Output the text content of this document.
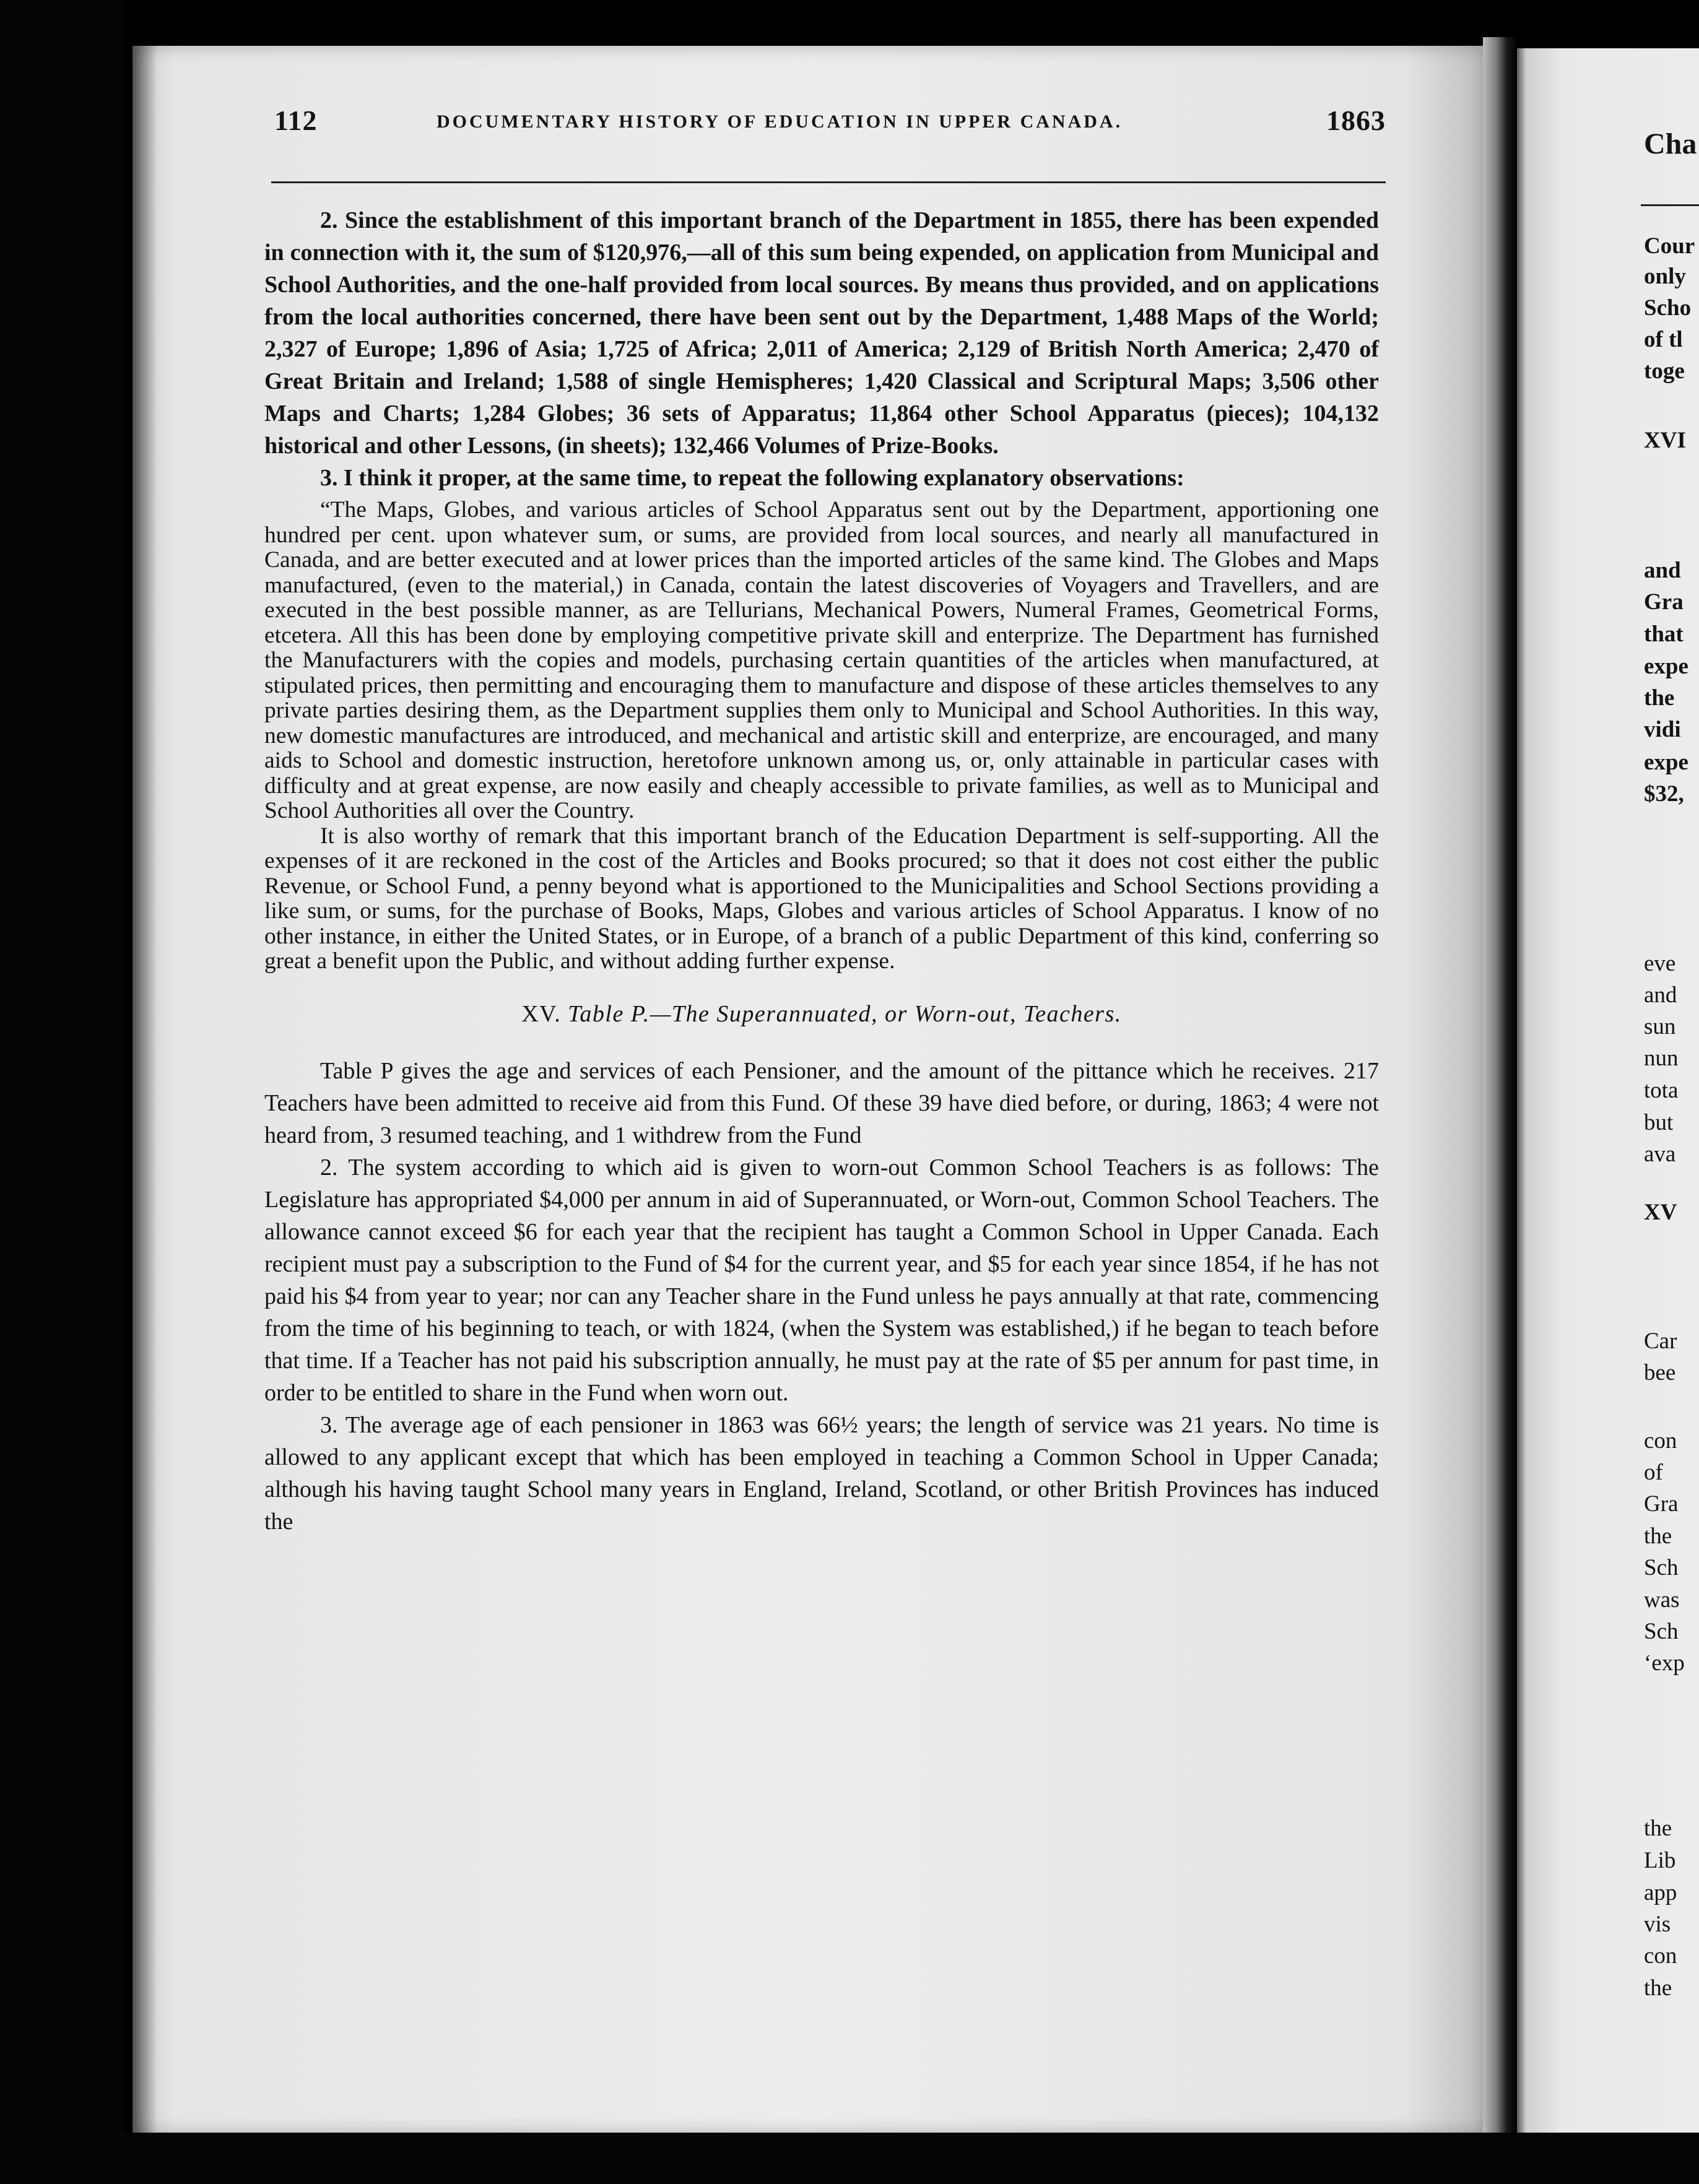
112	DOCUMENTARY HISTORY OF EDUCATION IN UPPER CANADA.	1863

2. Since the establishment of this important branch of the Department in 1855, there has been expended in connection with it, the sum of $120,976,—all of this sum being expended, on application from Municipal and School Authorities, and the one-half provided from local sources. By means thus provided, and on applications from the local authorities concerned, there have been sent out by the Department, 1,488 Maps of the World; 2,327 of Europe; 1,896 of Asia; 1,725 of Africa; 2,011 of America; 2,129 of British North America; 2,470 of Great Britain and Ireland; 1,588 of single Hemispheres; 1,420 Classical and Scriptural Maps; 3,506 other Maps and Charts; 1,284 Globes; 36 sets of Apparatus; 11,864 other School Apparatus (pieces); 104,132 historical and other Lessons, (in sheets); 132,466 Volumes of Prize-Books.

3. I think it proper, at the same time, to repeat the following explanatory observations:

“The Maps, Globes, and various articles of School Apparatus sent out by the Department, apportioning one hundred per cent. upon whatever sum, or sums, are provided from local sources, and nearly all manufactured in Canada, and are better executed and at lower prices than the imported articles of the same kind. The Globes and Maps manufactured, (even to the material,) in Canada, contain the latest discoveries of Voyagers and Travellers, and are executed in the best possible manner, as are Tellurians, Mechanical Powers, Numeral Frames, Geometrical Forms, etcetera. All this has been done by employing competitive private skill and enterprize. The Department has furnished the Manufacturers with the copies and models, purchasing certain quantities of the articles when manufactured, at stipulated prices, then permitting and encouraging them to manufacture and dispose of these articles themselves to any private parties desiring them, as the Department supplies them only to Municipal and School Authorities. In this way, new domestic manufactures are introduced, and mechanical and artistic skill and enterprize, are encouraged, and many aids to School and domestic instruction, heretofore unknown among us, or, only attainable in particular cases with difficulty and at great expense, are now easily and cheaply accessible to private families, as well as to Municipal and School Authorities all over the Country.

It is also worthy of remark that this important branch of the Education Department is self-supporting. All the expenses of it are reckoned in the cost of the Articles and Books procured; so that it does not cost either the public Revenue, or School Fund, a penny beyond what is apportioned to the Municipalities and School Sections providing a like sum, or sums, for the purchase of Books, Maps, Globes and various articles of School Apparatus. I know of no other instance, in either the United States, or in Europe, of a branch of a public Department of this kind, conferring so great a benefit upon the Public, and without adding further expense.

XV. Table P.—The Superannuated, or Worn-out, Teachers.

Table P gives the age and services of each Pensioner, and the amount of the pittance which he receives. 217 Teachers have been admitted to receive aid from this Fund. Of these 39 have died before, or during, 1863; 4 were not heard from, 3 resumed teaching, and 1 withdrew from the Fund

2. The system according to which aid is given to worn-out Common School Teachers is as follows: The Legislature has appropriated $4,000 per annum in aid of Superannuated, or Worn-out, Common School Teachers. The allowance cannot exceed $6 for each year that the recipient has taught a Common School in Upper Canada. Each recipient must pay a subscription to the Fund of $4 for the current year, and $5 for each year since 1854, if he has not paid his $4 from year to year; nor can any Teacher share in the Fund unless he pays annually at that rate, commencing from the time of his beginning to teach, or with 1824, (when the System was established,) if he began to teach before that time. If a Teacher has not paid his subscription annually, he must pay at the rate of $5 per annum for past time, in order to be entitled to share in the Fund when worn out.

3. The average age of each pensioner in 1863 was 66½ years; the length of service was 21 years. No time is allowed to any applicant except that which has been employed in teaching a Common School in Upper Canada; although his having taught School many years in England, Ireland, Scotland, or other British Provinces has induced the

Cha
Cour
only
Scho
of tl
toge
XVI
and
Gra
that
expe
the
vidi
expe
$32,
eve
and
sun
nun
tota
but
ava
XV
Car
bee
con
of
Gra
the
Sch
was
Sch
‘exp
the
Lib
app
vis
con
the
